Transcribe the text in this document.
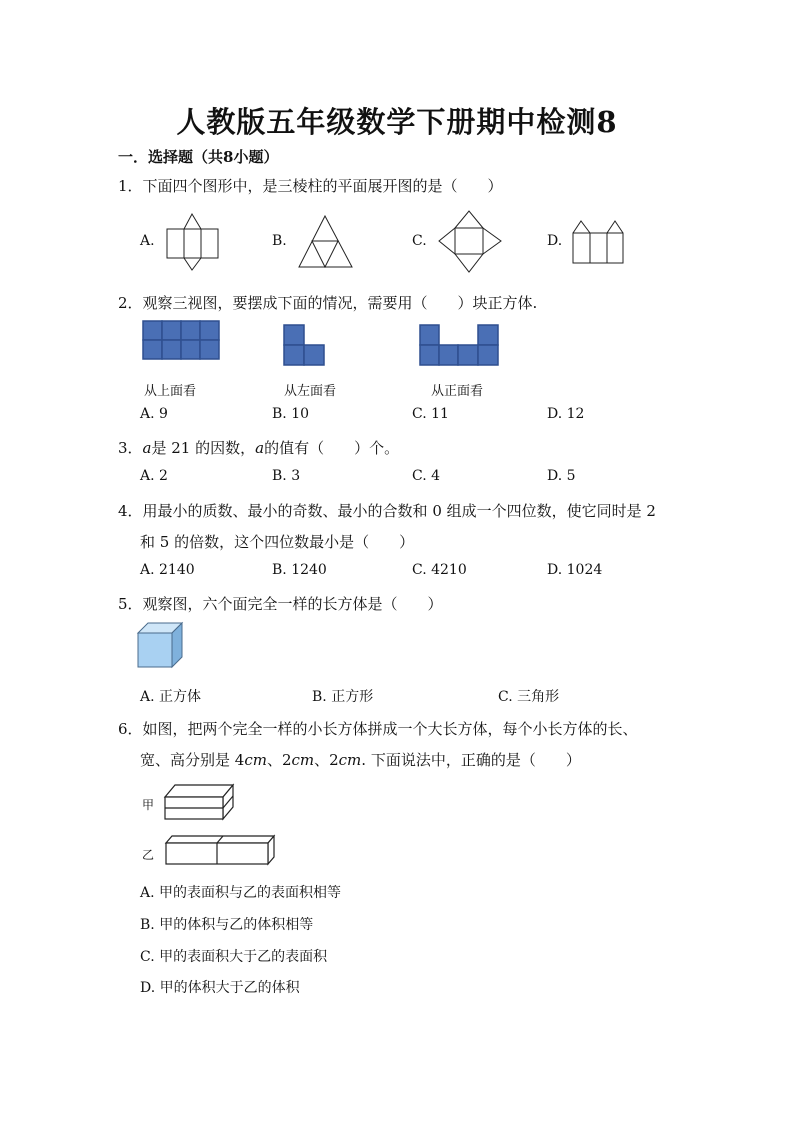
人教版五年级数学下册期中检测8
一．选择题（共8小题）
1．下面四个图形中，是三棱柱的平面展开图的是（　　）
A.	B.	C.	D.
2．观察三视图，要摆成下面的情况，需要用（　　）块正方体.
从上面看	从左面看	从正面看
A. 9	B. 10	C. 11	D. 12
3．a是 21 的因数，a的值有（　　）个。
A. 2	B. 3	C. 4	D. 5
4．用最小的质数、最小的奇数、最小的合数和 0 组成一个四位数，使它同时是 2
和 5 的倍数，这个四位数最小是（　　）
A. 2140	B. 1240	C. 4210	D. 1024
5．观察图，六个面完全一样的长方体是（　　）
A. 正方体	B. 正方形	C. 三角形
6．如图，把两个完全一样的小长方体拼成一个大长方体，每个小长方体的长、
宽、高分别是 4cm、2cm、2cm. 下面说法中，正确的是（　　）
甲
乙
A. 甲的表面积与乙的表面积相等
B. 甲的体积与乙的体积相等
C. 甲的表面积大于乙的表面积
D. 甲的体积大于乙的体积
